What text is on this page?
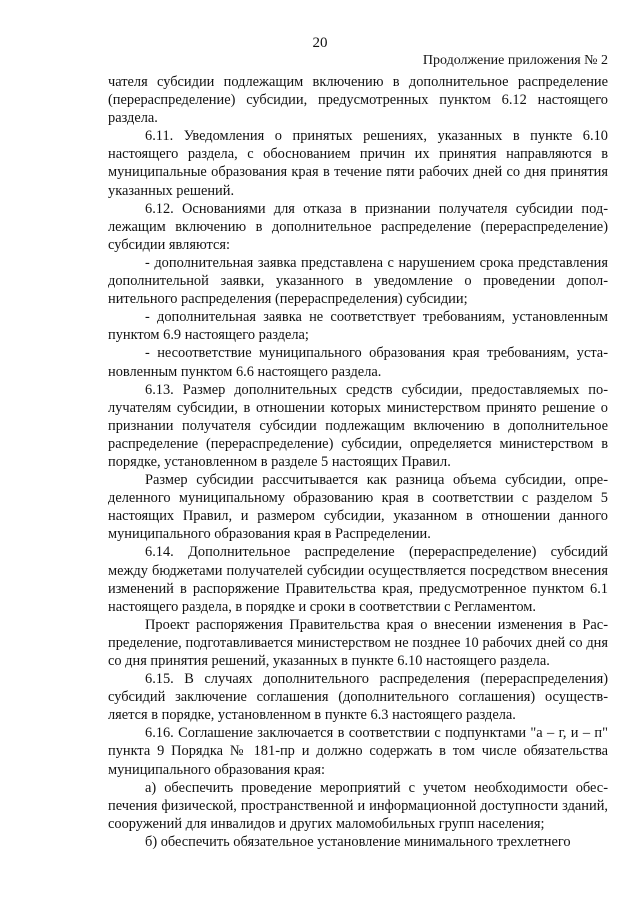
20
Продолжение приложения № 2

чателя субсидии подлежащим включению в дополнительное распределение (перераспределение) субсидии, предусмотренных пунктом 6.12 настоящего раздела.

6.11. Уведомления о принятых решениях, указанных в пункте 6.10 настоящего раздела, с обоснованием причин их принятия направляются в муниципальные образования края в течение пяти рабочих дней со дня принятия указанных решений.

6.12. Основаниями для отказа в признании получателя субсидии подлежащим включению в дополнительное распределение (перераспределение) субсидии являются:

- дополнительная заявка представлена с нарушением срока представления дополнительной заявки, указанного в уведомление о проведении дополнительного распределения (перераспределения) субсидии;

- дополнительная заявка не соответствует требованиям, установленным пунктом 6.9 настоящего раздела;

- несоответствие муниципального образования края требованиям, установленным пунктом 6.6 настоящего раздела.

6.13. Размер дополнительных средств субсидии, предоставляемых получателям субсидии, в отношении которых министерством принято решение о признании получателя субсидии подлежащим включению в дополнительное распределение (перераспределение) субсидии, определяется министерством в порядке, установленном в разделе 5 настоящих Правил.

Размер субсидии рассчитывается как разница объема субсидии, определенного муниципальному образованию края в соответствии с разделом 5 настоящих Правил, и размером субсидии, указанном в отношении данного муниципального образования края в Распределении.

6.14. Дополнительное распределение (перераспределение) субсидий между бюджетами получателей субсидии осуществляется посредством внесения изменений в распоряжение Правительства края, предусмотренное пунктом 6.1 настоящего раздела, в порядке и сроки в соответствии с Регламентом.

Проект распоряжения Правительства края о внесении изменения в Распределение, подготавливается министерством не позднее 10 рабочих дней со дня со дня принятия решений, указанных в пункте 6.10 настоящего раздела.

6.15. В случаях дополнительного распределения (перераспределения) субсидий заключение соглашения (дополнительного соглашения) осуществляется в порядке, установленном в пункте 6.3 настоящего раздела.

6.16. Соглашение заключается в соответствии с подпунктами "а – г, и – п" пункта 9 Порядка № 181-пр и должно содержать в том числе обязательства муниципального образования края:

а) обеспечить проведение мероприятий с учетом необходимости обеспечения физической, пространственной и информационной доступности зданий, сооружений для инвалидов и других маломобильных групп населения;

б) обеспечить обязательное установление минимального трехлетнего
